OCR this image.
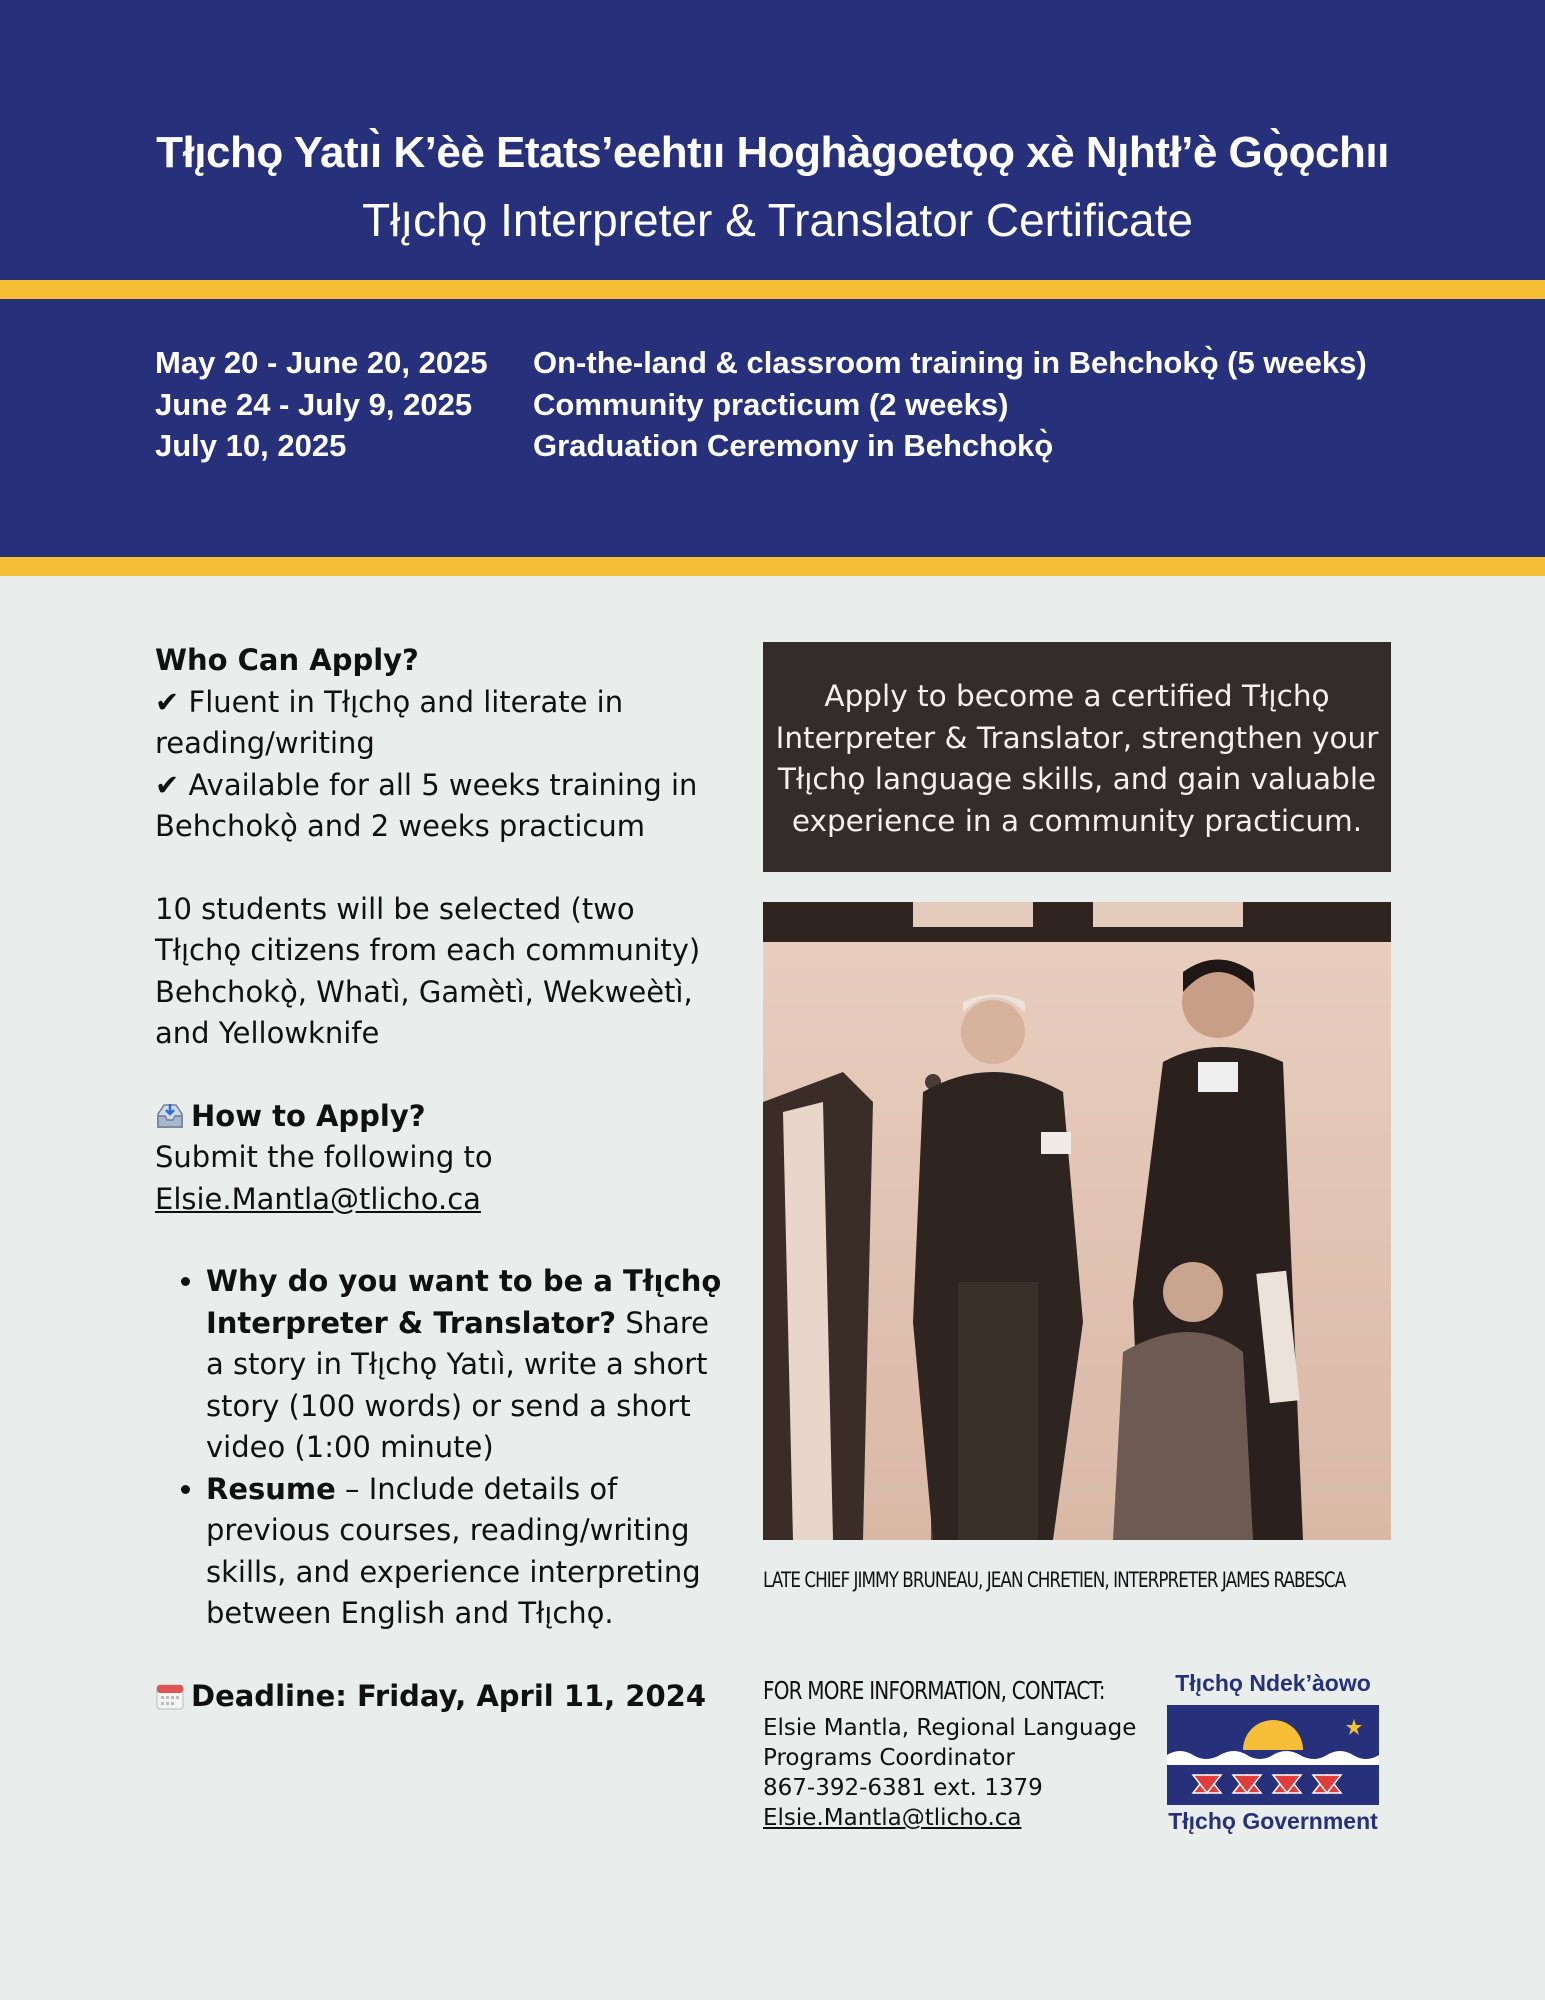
Tłı̨chǫ Yatıı̀ K’èè Etats’eehtıı Hoghàgoetǫǫ xè Nı̨htł’è Gǫ̀ǫchıı
Tłı̨chǫ Interpreter & Translator Certificate
May 20 - June 20, 2025 On-the-land & classroom training in Behchokǫ̀ (5 weeks)
June 24 - July 9, 2025 Community practicum (2 weeks)
July 10, 2025	Graduation Ceremony in Behchokǫ̀

Who Can Apply?

✔ Fluent in Tłı̨chǫ and literate in reading/writing

✔ Available for all 5 weeks training in Behchokǫ̀ and 2 weeks practicum

10 students will be selected (two Tłı̨chǫ citizens from each community) Behchokǫ̀, Whatì, Gamètì, Wekweètì, and Yellowknife

How to Apply?

Submit the following to

Elsie.Mantla@tlicho.ca

• Why do you want to be a Tłı̨chǫ Interpreter & Translator? Share a story in Tłı̨chǫ Yatıı̀, write a short story (100 words) or send a short video (1:00 minute)
• Resume – Include details of previous courses, reading/writing skills, and experience interpreting between English and Tłı̨chǫ.

Deadline: Friday, April 11, 2024

Apply to become a certified Tłı̨chǫ Interpreter & Translator, strengthen your Tłı̨chǫ language skills, and gain valuable experience in a community practicum.
LATE CHIEF JIMMY BRUNEAU, JEAN CHRETIEN, INTERPRETER JAMES RABESCA
FOR MORE INFORMATION, CONTACT:
Elsie Mantla, Regional Language
Programs Coordinator
867-392-6381 ext. 1379
Elsie.Mantla@tlicho.ca
Tłı̨chǫ Ndek’àowo
Tłı̨chǫ Government
